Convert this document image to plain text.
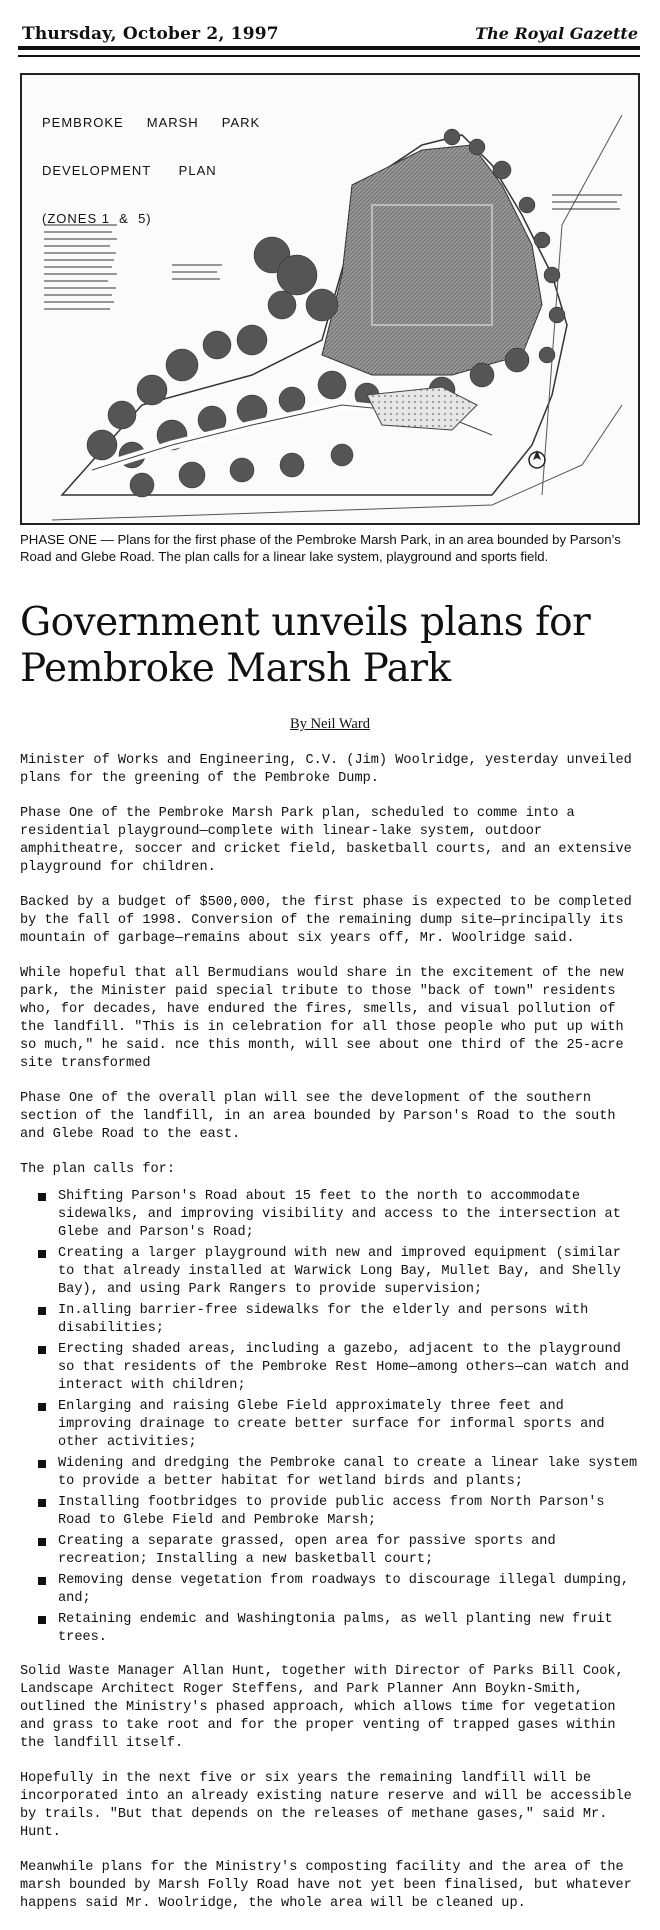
Thursday, October 2, 1997	The Royal Gazette

PEMBROKE     MARSH     PARK

DEVELOPMENT      PLAN

(ZONES 1  &  5)

PHASE ONE — Plans for the first phase of the Pembroke Marsh Park, in an area bounded by Parson’s Road and Glebe Road. The plan calls for a linear lake system, playground and sports field.
Government unveils plans for Pembroke Marsh Park
By Neil Ward

Minister of Works and Engineering, C.V. (Jim) Woolridge, yesterday unveiled plans for the greening of the Pembroke Dump.

Phase One of the Pembroke Marsh Park plan, scheduled to comme into a residential playground—complete with linear-lake system, outdoor amphitheatre, soccer and cricket field, basketball courts, and an extensive playground for children.

Backed by a budget of $500,000, the first phase is expected to be completed by the fall of 1998. Conversion of the remaining dump site—principally its mountain of garbage—remains about six years off, Mr. Woolridge said.

While hopeful that all Bermudians would share in the excitement of the new park, the Minister paid special tribute to those "back of town" residents who, for decades, have endured the fires, smells, and visual pollution of the landfill. "This is in celebration for all those people who put up with so much," he said. nce this month, will see about one third of the 25-acre site transformed

Phase One of the overall plan will see the development of the southern section of the landfill, in an area bounded by Parson's Road to the south and Glebe Road to the east.

The plan calls for:

Shifting Parson's Road about 15 feet to the north to accommodate sidewalks, and improving visibility and access to the intersection at Glebe and Parson's Road;
Creating a larger playground with new and improved equipment (similar to that already installed at Warwick Long Bay, Mullet Bay, and Shelly Bay), and using Park Rangers to provide supervision;
In.alling barrier-free sidewalks for the elderly and persons with disabilities;
Erecting shaded areas, including a gazebo, adjacent to the playground so that residents of the Pembroke Rest Home—among others—can watch and interact with children;
Enlarging and raising Glebe Field approximately three feet and improving drainage to create better surface for informal sports and other activities;
Widening and dredging the Pembroke canal to create a linear lake system to provide a better habitat for wetland birds and plants;
Installing footbridges to provide public access from North Parson's Road to Glebe Field and Pembroke Marsh;
Creating a separate grassed, open area for passive sports and recreation; Installing a new basketball court;
Removing dense vegetation from roadways to discourage illegal dumping, and;
Retaining endemic and Washingtonia palms, as well planting new fruit trees.

Solid Waste Manager Allan Hunt, together with Director of Parks Bill Cook, Landscape Architect Roger Steffens, and Park Planner Ann Boykn-Smith, outlined the Ministry's phased approach, which allows time for vegetation and grass to take root and for the proper venting of trapped gases within the landfill itself.

Hopefully in the next five or six years the remaining landfill will be incorporated into an already existing nature reserve and will be accessible by trails. "But that depends on the releases of methane gases," said Mr. Hunt.

Meanwhile plans for the Ministry's composting facility and the area of the marsh bounded by Marsh Folly Road have not yet been finalised, but whatever happens said Mr. Woolridge, the whole area will be cleaned up.
